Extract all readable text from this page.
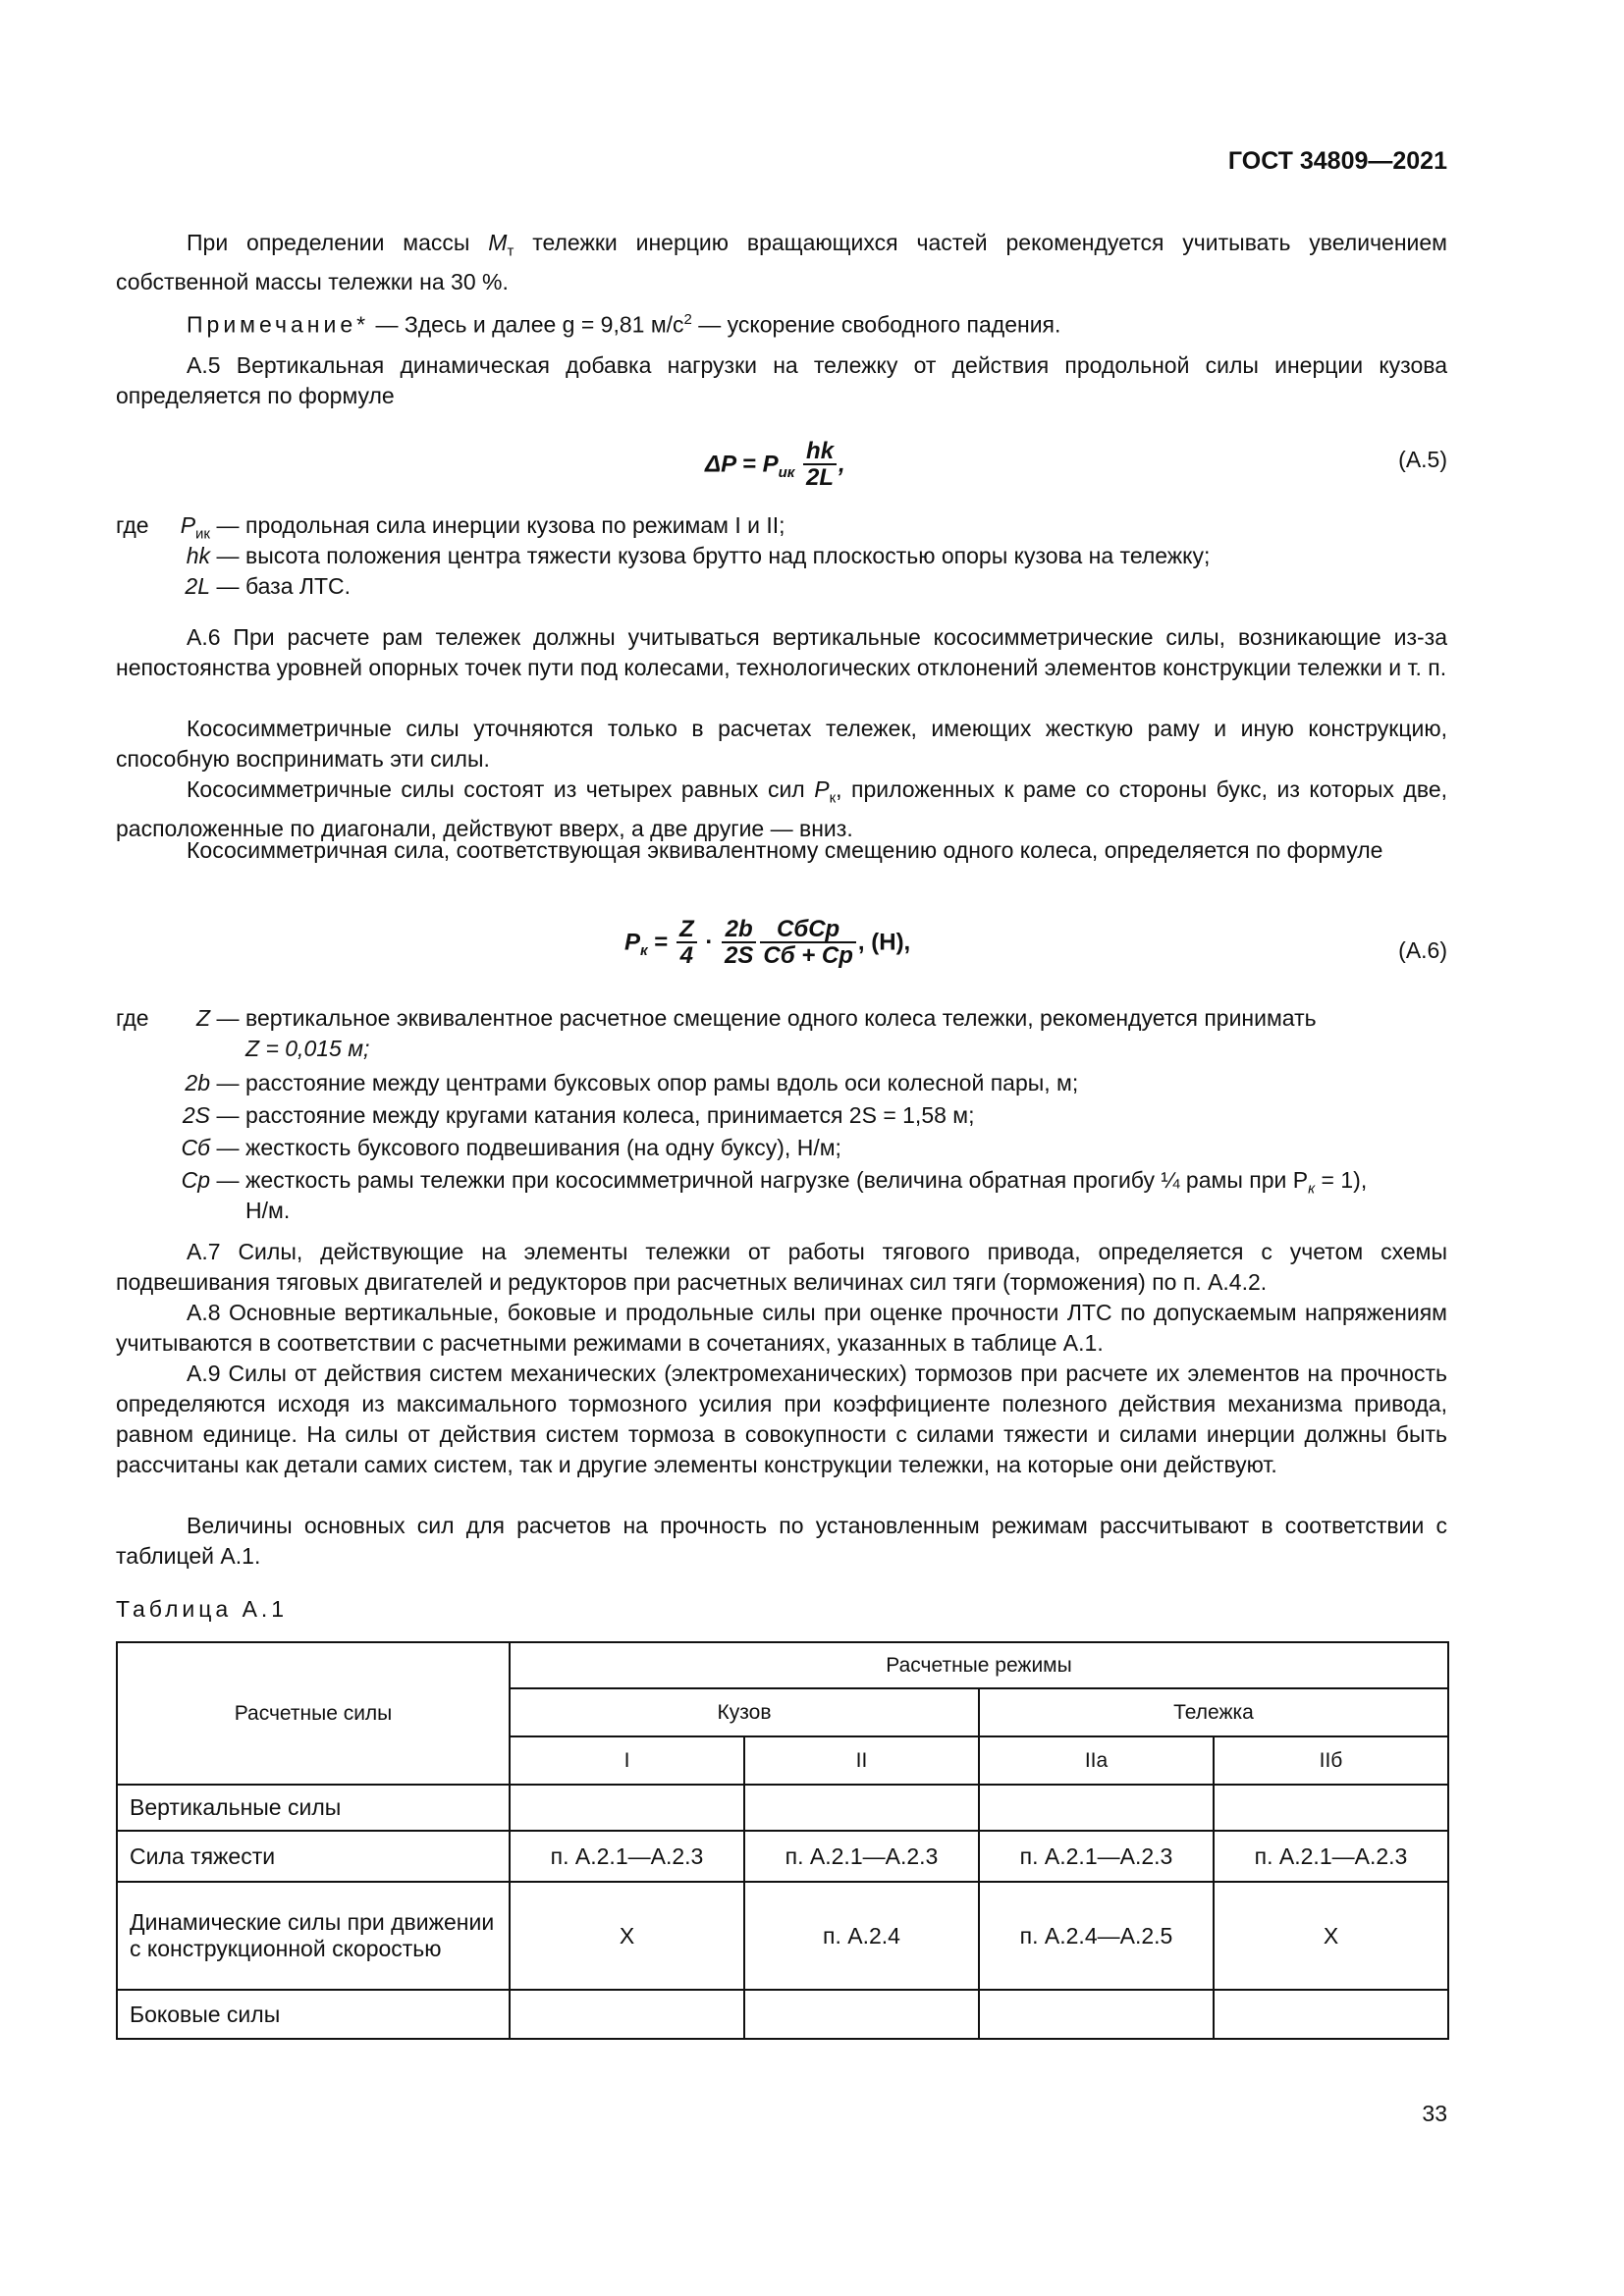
ГОСТ 34809—2021

При определении массы $M_т$ тележки инерцию вращающихся частей рекомендуется учитывать увеличением собственной массы тележки на 30 %.

Примечание* — Здесь и далее g = 9,81 $м/с^2$ — ускорение свободного падения.

А.5 Вертикальная динамическая добавка нагрузки на тележку от действия продольной силы инерции кузова определяется по формуле

$\Delta P = P_{ик} \frac{hk}{2L}$ ,	(А.5)
где $P_{ик}$ — продольная сила инерции кузова по режимам I и II;
hk — высота положения центра тяжести кузова брутто над плоскостью опоры кузова на тележку;
2L — база ЛТС.

А.6 При расчете рам тележек должны учитываться вертикальные кососимметрические силы, возникающие из-за непостоянства уровней опорных точек пути под колесами, технологических отклонений элементов конструкции тележки и т. п.

Кососимметричные силы уточняются только в расчетах тележек, имеющих жесткую раму и иную конструкцию, способную воспринимать эти силы.

Кососимметричные силы состоят из четырех равных сил $P_к$, приложенных к раме со стороны букс, из которых две, расположенные по диагонали, действуют вверх, а две другие — вниз.

Кососимметричная сила, соответствующая эквивалентному смещению одного колеса, определяется по формуле

$P_к = \frac{Z}{4} \cdot \frac{2b}{2S} \frac{\text{CбCp}}{Cб + Cp}$ , (Н),	(А.6)
где Z — вертикальное эквивалентное расчетное смещение одного колеса тележки, рекомендуется принимать
Z = 0,015 м;
2b — расстояние между центрами буксовых опор рамы вдоль оси колесной пары, м;
2S — расстояние между кругами катания колеса, принимается 2S = 1,58 м;
Cб — жесткость буксового подвешивания (на одну буксу), Н/м;
Cp — жесткость рамы тележки при кососимметричной нагрузке (величина обратная прогибу ¼ рамы при $P_к = 1$),
Н/м.

А.7 Силы, действующие на элементы тележки от работы тягового привода, определяется с учетом схемы подвешивания тяговых двигателей и редукторов при расчетных величинах сил тяги (торможения) по п. А.4.2.

А.8 Основные вертикальные, боковые и продольные силы при оценке прочности ЛТС по допускаемым напряжениям учитываются в соответствии с расчетными режимами в сочетаниях, указанных в таблице А.1.

А.9 Силы от действия систем механических (электромеханических) тормозов при расчете их элементов на прочность определяются исходя из максимального тормозного усилия при коэффициенте полезного действия механизма привода, равном единице. На силы от действия систем тормоза в совокупности с силами тяжести и силами инерции должны быть рассчитаны как детали самих систем, так и другие элементы конструкции тележки, на которые они действуют.

Величины основных сил для расчетов на прочность по установленным режимам рассчитывают в соответствии с таблицей А.1.

Таблица А.1
Расчетные силы	Расчетные режимы			
	Кузов		Тележка	
	I	II	IIа	IIб
Вертикальные силы				
Сила тяжести	п. А.2.1—А.2.3	п. А.2.1—А.2.3	п. А.2.1—А.2.3	п. А.2.1—А.2.3
Динамические силы при движении с конструкционной скоростью	X	п. А.2.4	п. А.2.4—А.2.5	X
Боковые силы				
33
